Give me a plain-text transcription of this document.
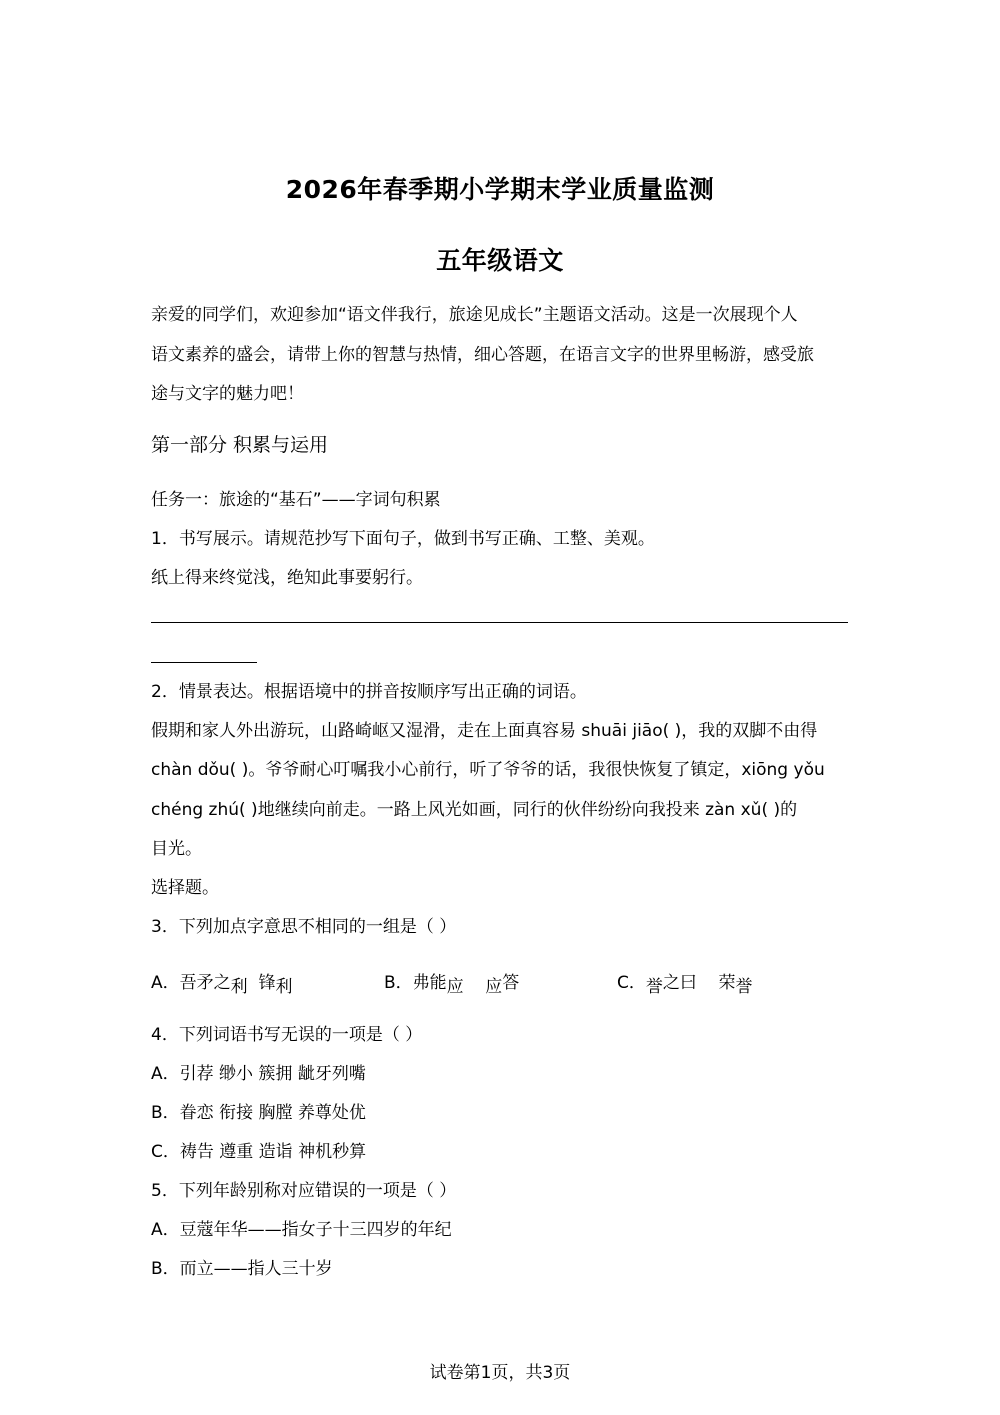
2026年春季期小学期末学业质量监测
五年级语文
亲爱的同学们，欢迎参加“语文伴我行，旅途见成长”主题语文活动。这是一次展现个人
语文素养的盛会，请带上你的智慧与热情，细心答题，在语言文字的世界里畅游，感受旅
途与文字的魅力吧！
第一部分 积累与运用
任务一：旅途的“基石”——字词句积累
1．书写展示。请规范抄写下面句子，做到书写正确、工整、美观。
纸上得来终觉浅，绝知此事要躬行。
2．情景表达。根据语境中的拼音按顺序写出正确的词语。
假期和家人外出游玩，山路崎岖又湿滑，走在上面真容易 shuāi jiāo( )，我的双脚不由得
chàn dǒu( )。爷爷耐心叮嘱我小心前行，听了爷爷的话，我很快恢复了镇定，xiōng yǒu
chéng zhú( )地继续向前走。一路上风光如画，同行的伙伴纷纷向我投来 zàn xǔ( )的
目光。
选择题。
3．下列加点字意思不相同的一组是（ ）
A．吾矛之利  锋利	B．弗能应 应答	C．誉之曰    荣誉
4．下列词语书写无误的一项是（ ）
A．引荐 缈小 簇拥 龇牙列嘴
B．眷恋 衔接 胸膛 养尊处优
C．祷告 遵重 造诣 神机秒算
5．下列年龄别称对应错误的一项是（ ）
A．豆蔻年华——指女子十三四岁的年纪
B．而立——指人三十岁
试卷第1页，共3页
